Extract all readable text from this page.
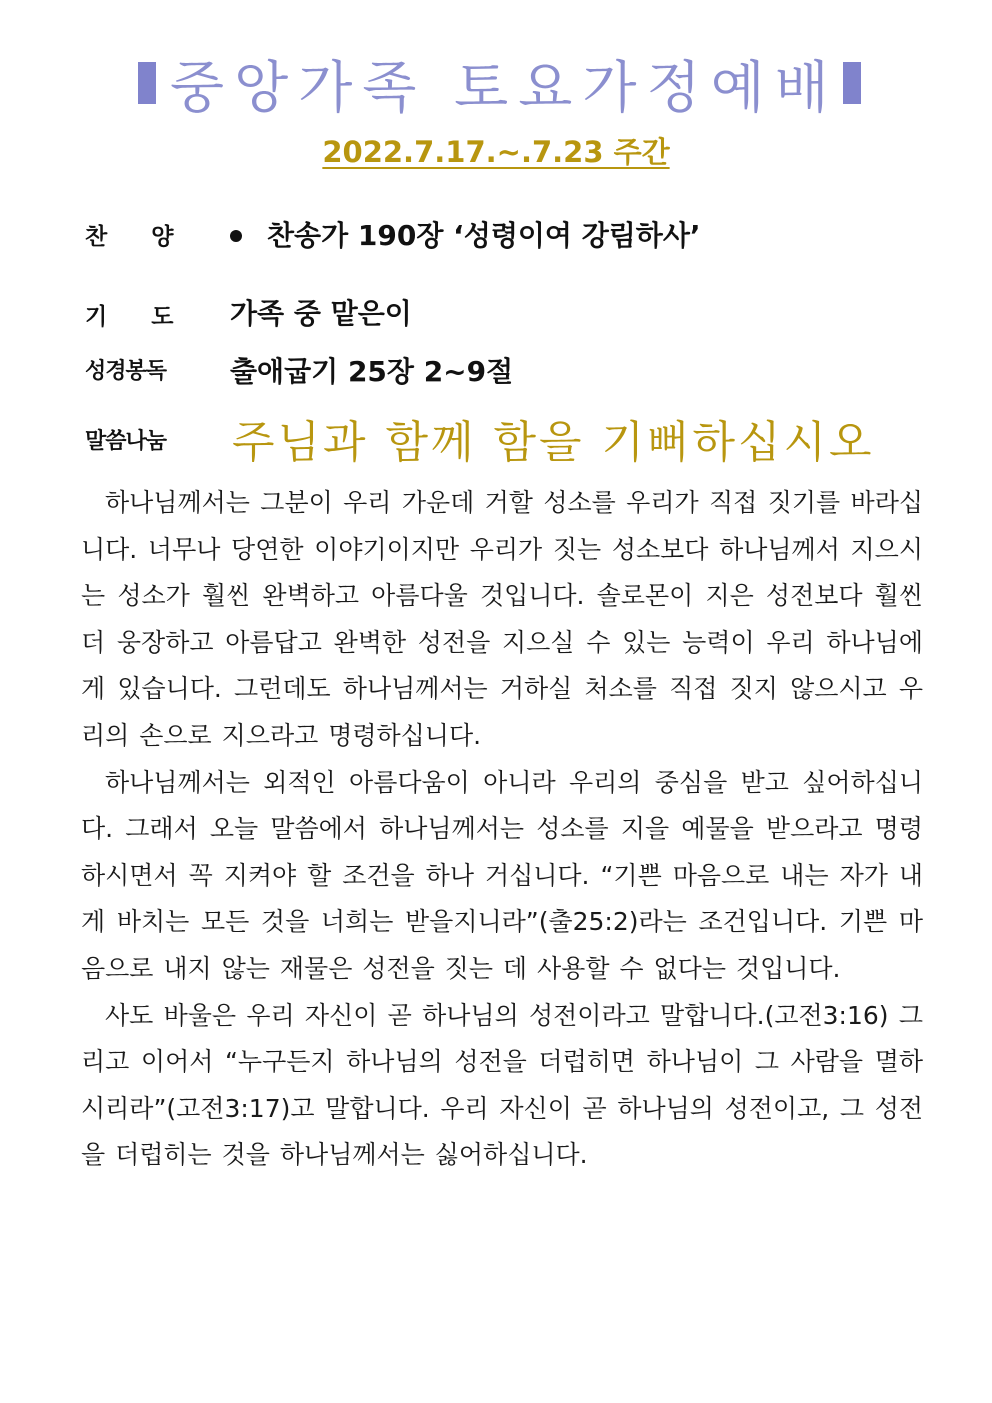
중앙가족 토요가정예배
2022.7.17.~.7.23 주간
찬양 찬송가 190장 ‘성령이여 강림하사’
기도 가족 중 맡은이
성경봉독 출애굽기 25장 2~9절
말씀나눔 주님과 함께 함을 기뻐하십시오

하나님께서는 그분이 우리 가운데 거할 성소를 우리가 직접 짓기를 바라십니다. 너무나 당연한 이야기이지만 우리가 짓는 성소보다 하나님께서 지으시는 성소가 훨씬 완벽하고 아름다울 것입니다. 솔로몬이 지은 성전보다 훨씬 더 웅장하고 아름답고 완벽한 성전을 지으실 수 있는 능력이 우리 하나님에게 있습니다. 그런데도 하나님께서는 거하실 처소를 직접 짓지 않으시고 우리의 손으로 지으라고 명령하십니다.

하나님께서는 외적인 아름다움이 아니라 우리의 중심을 받고 싶어하십니다. 그래서 오늘 말씀에서 하나님께서는 성소를 지을 예물을 받으라고 명령하시면서 꼭 지켜야 할 조건을 하나 거십니다. “기쁜 마음으로 내는 자가 내게 바치는 모든 것을 너희는 받을지니라”(출25:2)라는 조건입니다. 기쁜 마음으로 내지 않는 재물은 성전을 짓는 데 사용할 수 없다는 것입니다.

사도 바울은 우리 자신이 곧 하나님의 성전이라고 말합니다.(고전3:16) 그리고 이어서 “누구든지 하나님의 성전을 더럽히면 하나님이 그 사람을 멸하시리라”(고전3:17)고 말합니다. 우리 자신이 곧 하나님의 성전이고, 그 성전을 더럽히는 것을 하나님께서는 싫어하십니다.
